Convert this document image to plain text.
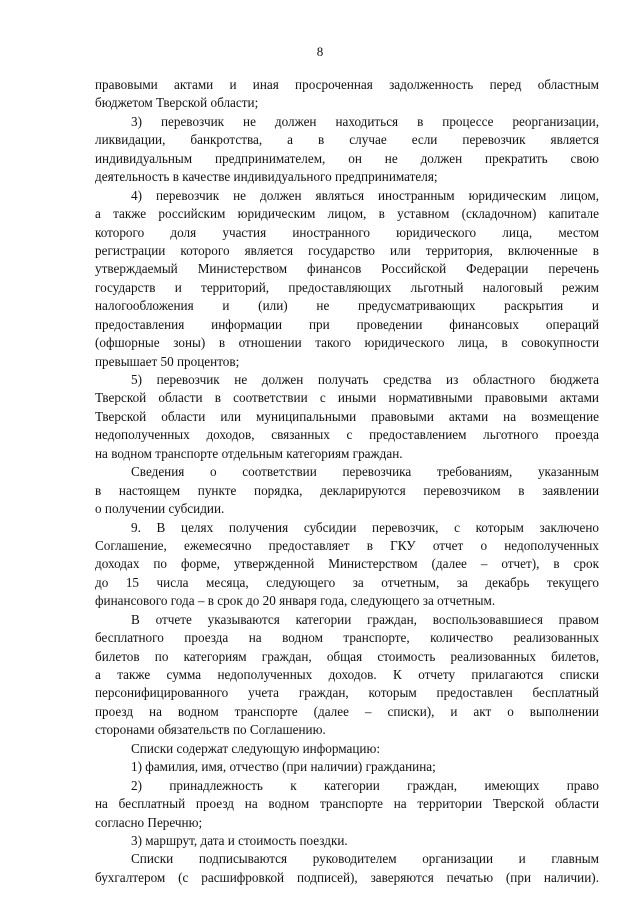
8
правовыми актами и иная просроченная задолженность перед областным
бюджетом Тверской области;
3) перевозчик не должен находиться в процессе реорганизации,
ликвидации, банкротства, а в случае если перевозчик является
индивидуальным предпринимателем, он не должен прекратить свою
деятельность в качестве индивидуального предпринимателя;
4) перевозчик не должен являться иностранным юридическим лицом,
а также российским юридическим лицом, в уставном (складочном) капитале
которого доля участия иностранного юридического лица, местом
регистрации которого является государство или территория, включенные в
утверждаемый Министерством финансов Российской Федерации перечень
государств и территорий, предоставляющих льготный налоговый режим
налогообложения и (или) не предусматривающих раскрытия и
предоставления информации при проведении финансовых операций
(офшорные зоны) в отношении такого юридического лица, в совокупности
превышает 50 процентов;
5) перевозчик не должен получать средства из областного бюджета
Тверской области в соответствии с иными нормативными правовыми актами
Тверской области или муниципальными правовыми актами на возмещение
недополученных доходов, связанных с предоставлением льготного проезда
на водном транспорте отдельным категориям граждан.
Сведения о соответствии перевозчика требованиям, указанным
в настоящем пункте порядка, декларируются перевозчиком в заявлении
о получении субсидии.
9. В целях получения субсидии перевозчик, с которым заключено
Соглашение, ежемесячно предоставляет в ГКУ отчет о недополученных
доходах по форме, утвержденной Министерством (далее – отчет), в срок
до 15 числа месяца, следующего за отчетным, за декабрь текущего
финансового года – в срок до 20 января года, следующего за отчетным.
В отчете указываются категории граждан, воспользовавшиеся правом
бесплатного проезда на водном транспорте, количество реализованных
билетов по категориям граждан, общая стоимость реализованных билетов,
а также сумма недополученных доходов. К отчету прилагаются списки
персонифицированного учета граждан, которым предоставлен бесплатный
проезд на водном транспорте (далее – списки), и акт о выполнении
сторонами обязательств по Соглашению.
Списки содержат следующую информацию:
1) фамилия, имя, отчество (при наличии) гражданина;
2) принадлежность к категории граждан, имеющих право
на бесплатный проезд на водном транспорте на территории Тверской области
согласно Перечню;
3) маршрут, дата и стоимость поездки.
Списки подписываются руководителем организации и главным
бухгалтером (с расшифровкой подписей), заверяются печатью (при наличии).
